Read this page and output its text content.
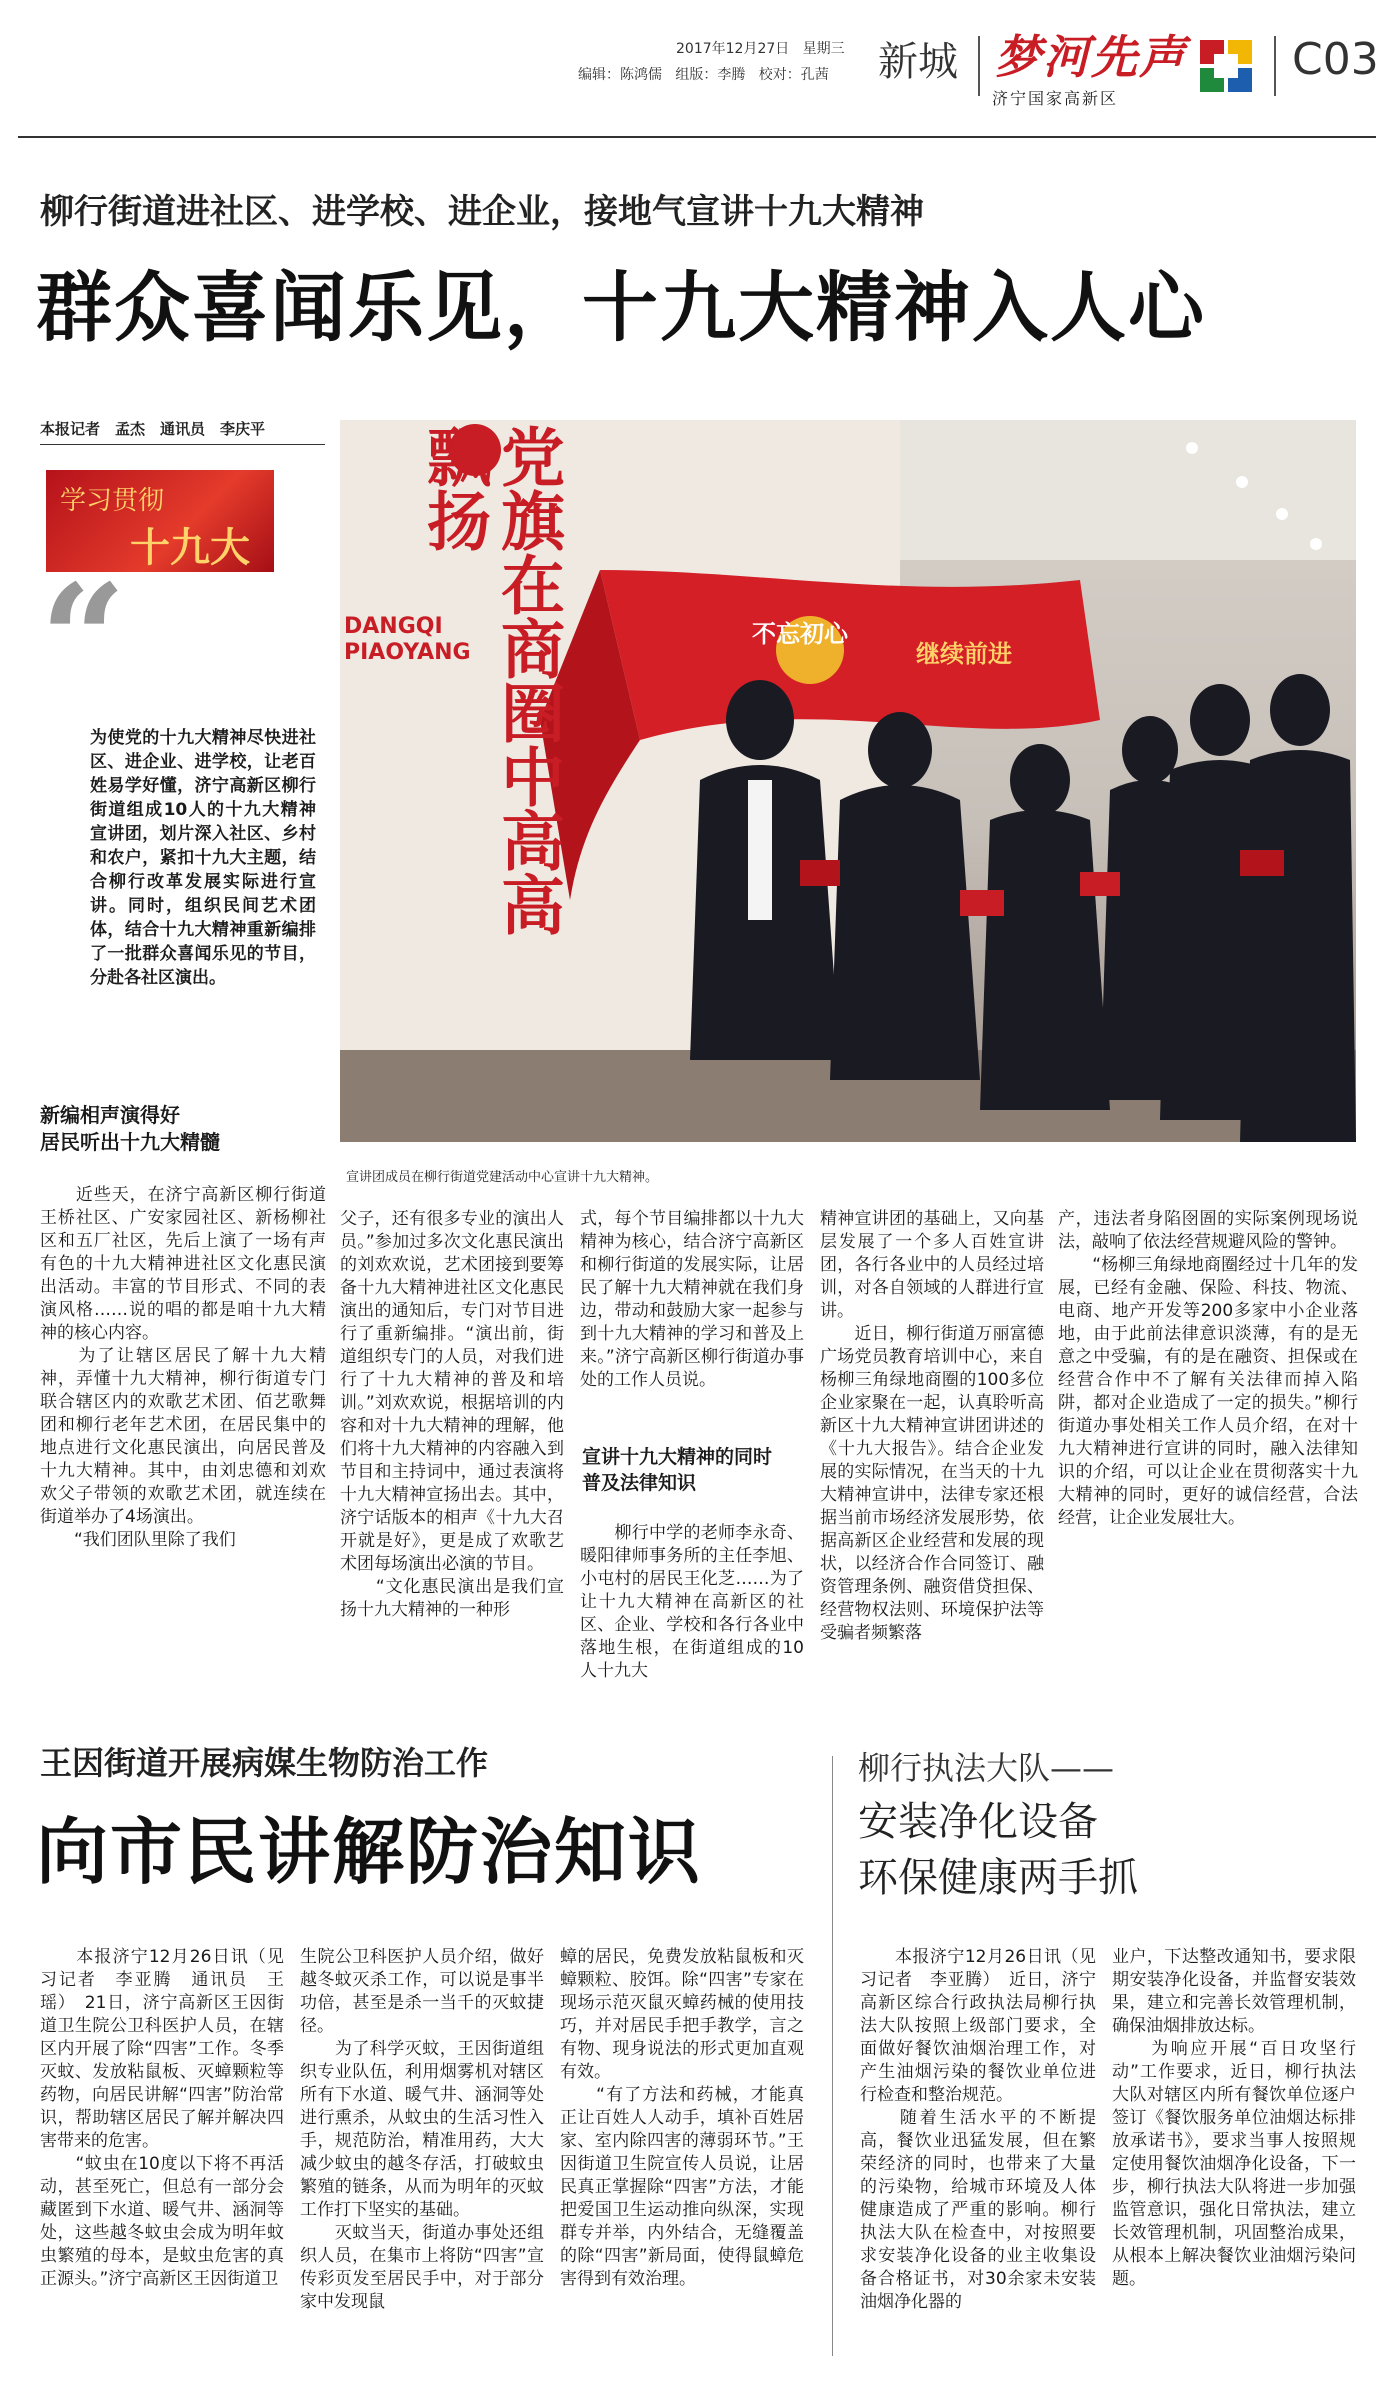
2017年12月27日 星期三
编辑：陈鸿儒 组版：李腾 校对：孔茜 新城 梦河先声
济宁国家高新区
C03
柳行街道进社区、进学校、进企业，接地气宣讲十九大精神
群众喜闻乐见，十九大精神入人心
本报记者　孟杰　通讯员　李庆平
学习贯彻
十九大
“
为使党的十九大精神尽快进社区、进企业、进学校，让老百姓易学好懂，济宁高新区柳行街道组成10人的十九大精神宣讲团，划片深入社区、乡村和农户，紧扣十九大主题，结合柳行改革发展实际进行宣讲。同时，组织民间艺术团体，结合十九大精神重新编排了一批群众喜闻乐见的节目，分赴各社区演出。
新编相声演得好
居民听出十九大精髓
党旗在商圈中高高飘扬
DANGQI
PIAOYANG
不忘初心
继续前进
宣讲团成员在柳行街道党建活动中心宣讲十九大精神。
　　近些天，在济宁高新区柳行街道王桥社区、广安家园社区、新杨柳社区和五厂社区，先后上演了一场有声有色的十九大精神进社区文化惠民演出活动。丰富的节目形式、不同的表演风格……说的唱的都是咱十九大精神的核心内容。
　　为了让辖区居民了解十九大精神，弄懂十九大精神，柳行街道专门联合辖区内的欢歌艺术团、佰艺歌舞团和柳行老年艺术团，在居民集中的地点进行文化惠民演出，向居民普及十九大精神。其中，由刘忠德和刘欢欢父子带领的欢歌艺术团，就连续在街道举办了4场演出。
　　“我们团队里除了我们
父子，还有很多专业的演出人员。”参加过多次文化惠民演出的刘欢欢说，艺术团接到要筹备十九大精神进社区文化惠民演出的通知后，专门对节目进行了重新编排。“演出前，街道组织专门的人员，对我们进行了十九大精神的普及和培训。”刘欢欢说，根据培训的内容和对十九大精神的理解，他们将十九大精神的内容融入到节目和主持词中，通过表演将十九大精神宣扬出去。其中，济宁话版本的相声《十九大召开就是好》，更是成了欢歌艺术团每场演出必演的节目。
　　“文化惠民演出是我们宣扬十九大精神的一种形
式，每个节目编排都以十九大精神为核心，结合济宁高新区和柳行街道的发展实际，让居民了解十九大精神就在我们身边，带动和鼓励大家一起参与到十九大精神的学习和普及上来。”济宁高新区柳行街道办事处的工作人员说。
宣讲十九大精神的同时
普及法律知识
　　柳行中学的老师李永奇、暖阳律师事务所的主任李旭、小屯村的居民王化芝……为了让十九大精神在高新区的社区、企业、学校和各行各业中落地生根，在街道组成的10人十九大
精神宣讲团的基础上，又向基层发展了一个多人百姓宣讲团，各行各业中的人员经过培训，对各自领域的人群进行宣讲。
　　近日，柳行街道万丽富德广场党员教育培训中心，来自杨柳三角绿地商圈的100多位企业家聚在一起，认真聆听高新区十九大精神宣讲团讲述的《十九大报告》。结合企业发展的实际情况，在当天的十九大精神宣讲中，法律专家还根据当前市场经济发展形势，依据高新区企业经营和发展的现状，以经济合作合同签订、融资管理条例、融资借贷担保、经营物权法则、环境保护法等受骗者频繁落
产，违法者身陷囹圄的实际案例现场说法，敲响了依法经营规避风险的警钟。
　　“杨柳三角绿地商圈经过十几年的发展，已经有金融、保险、科技、物流、电商、地产开发等200多家中小企业落地，由于此前法律意识淡薄，有的是无意之中受骗，有的是在融资、担保或在经营合作中不了解有关法律而掉入陷阱，都对企业造成了一定的损失。”柳行街道办事处相关工作人员介绍，在对十九大精神进行宣讲的同时，融入法律知识的介绍，可以让企业在贯彻落实十九大精神的同时，更好的诚信经营，合法经营，让企业发展壮大。
王因街道开展病媒生物防治工作
向市民讲解防治知识
　　本报济宁12月26日讯（见习记者　李亚腾　通讯员　王瑶）　21日，济宁高新区王因街道卫生院公卫科医护人员，在辖区内开展了除“四害”工作。冬季灭蚊、发放粘鼠板、灭蟑颗粒等药物，向居民讲解“四害”防治常识，帮助辖区居民了解并解决四害带来的危害。
　　“蚊虫在10度以下将不再活动，甚至死亡，但总有一部分会藏匿到下水道、暖气井、涵洞等处，这些越冬蚊虫会成为明年蚊虫繁殖的母本，是蚊虫危害的真正源头。”济宁高新区王因街道卫
生院公卫科医护人员介绍，做好越冬蚊灭杀工作，可以说是事半功倍，甚至是杀一当千的灭蚊捷径。
　　为了科学灭蚊，王因街道组织专业队伍，利用烟雾机对辖区所有下水道、暖气井、涵洞等处进行熏杀，从蚊虫的生活习性入手，规范防治，精准用药，大大减少蚊虫的越冬存活，打破蚊虫繁殖的链条，从而为明年的灭蚊工作打下坚实的基础。
　　灭蚊当天，街道办事处还组织人员，在集市上将防“四害”宣传彩页发至居民手中，对于部分家中发现鼠
蟑的居民，免费发放粘鼠板和灭蟑颗粒、胶饵。除“四害”专家在现场示范灭鼠灭蟑药械的使用技巧，并对居民手把手教学，言之有物、现身说法的形式更加直观有效。
　　“有了方法和药械，才能真正让百姓人人动手，填补百姓居家、室内除四害的薄弱环节。”王因街道卫生院宣传人员说，让居民真正掌握除“四害”方法，才能把爱国卫生运动推向纵深，实现群专并举，内外结合，无缝覆盖的除“四害”新局面，使得鼠蟑危害得到有效治理。
柳行执法大队——
安装净化设备
环保健康两手抓
　　本报济宁12月26日讯（见习记者　李亚腾）　近日，济宁高新区综合行政执法局柳行执法大队按照上级部门要求，全面做好餐饮油烟治理工作，对产生油烟污染的餐饮业单位进行检查和整治规范。
　　随着生活水平的不断提高，餐饮业迅猛发展，但在繁荣经济的同时，也带来了大量的污染物，给城市环境及人体健康造成了严重的影响。柳行执法大队在检查中，对按照要求安装净化设备的业主收集设备合格证书，对30余家未安装油烟净化器的
业户，下达整改通知书，要求限期安装净化设备，并监督安装效果，建立和完善长效管理机制，确保油烟排放达标。
　　为响应开展“百日攻坚行动”工作要求，近日，柳行执法大队对辖区内所有餐饮单位逐户签订《餐饮服务单位油烟达标排放承诺书》，要求当事人按照规定使用餐饮油烟净化设备，下一步，柳行执法大队将进一步加强监管意识，强化日常执法，建立长效管理机制，巩固整治成果，从根本上解决餐饮业油烟污染问题。
